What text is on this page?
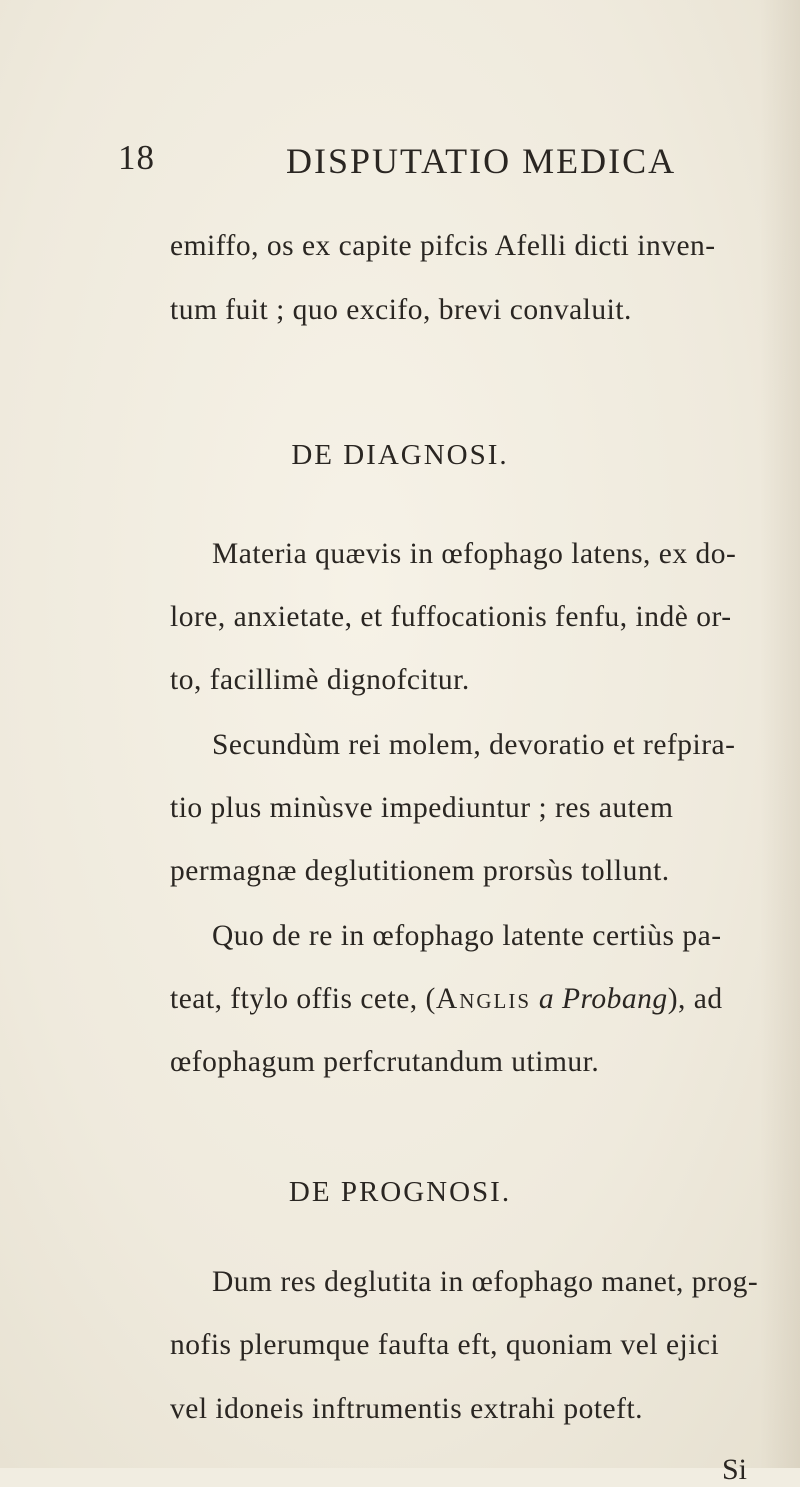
18	DISPUTATIO MEDICA
emiffo, os ex capite pifcis Afelli dicti inven-
tum fuit ; quo excifo, brevi convaluit.
DE DIAGNOSI.
Materia quævis in œfophago latens, ex do-
lore, anxietate, et fuffocationis fenfu, indè or-
to, facillimè dignofcitur.
Secundùm rei molem, devoratio et refpira-
tio plus minùsve impediuntur ; res autem
permagnæ deglutitionem prorsùs tollunt.
Quo de re in œfophago latente certiùs pa-
teat, ftylo offis cete, (Anglis a Probang), ad
œfophagum perfcrutandum utimur.
DE PROGNOSI.
Dum res deglutita in œfophago manet, prog-
nofis plerumque faufta eft, quoniam vel ejici
vel idoneis inftrumentis extrahi poteft.
Si
